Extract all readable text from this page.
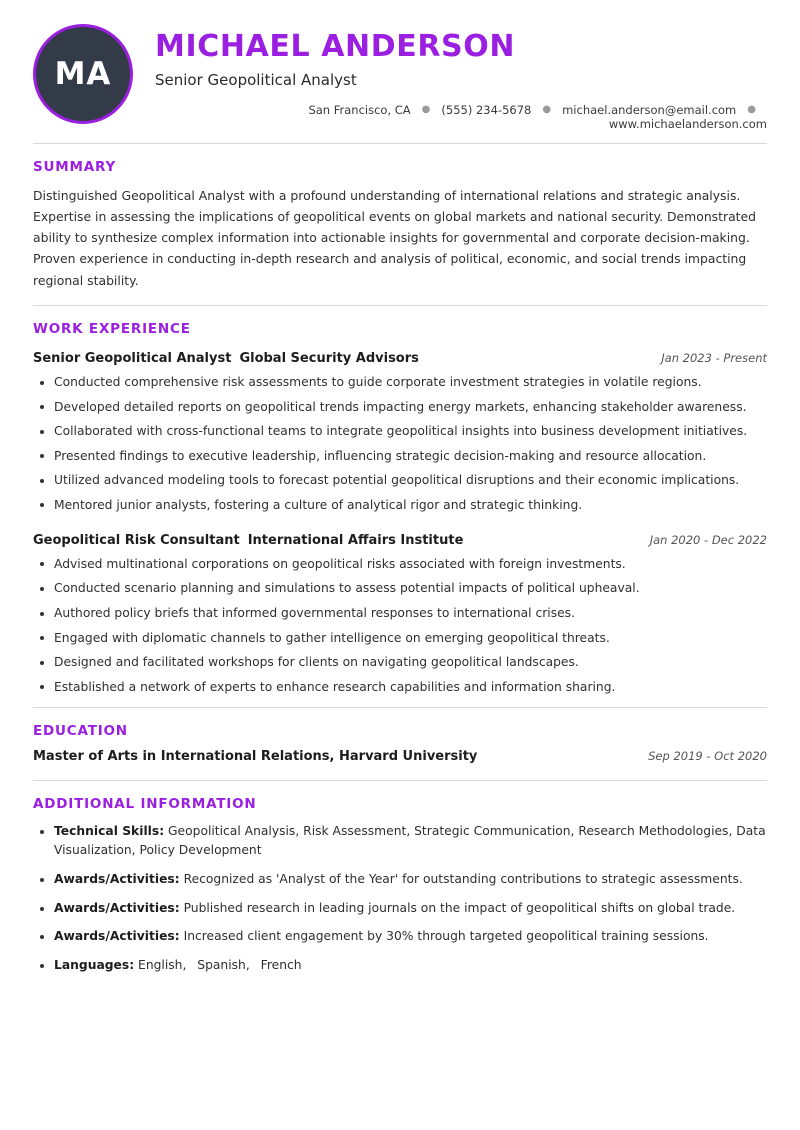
MA
MICHAEL ANDERSON
Senior Geopolitical Analyst
San Francisco, CA	● (555) 234-5678	● michael.anderson@email.com	●
www.michaelanderson.com
SUMMARY

Distinguished Geopolitical Analyst with a profound understanding of international relations and strategic analysis. Expertise in assessing the implications of geopolitical events on global markets and national security. Demonstrated ability to synthesize complex information into actionable insights for governmental and corporate decision-making. Proven experience in conducting in-depth research and analysis of political, economic, and social trends impacting regional stability.

WORK EXPERIENCE
Senior Geopolitical Analyst Global Security Advisors	Jan 2023 - Present
Conducted comprehensive risk assessments to guide corporate investment strategies in volatile regions.
Developed detailed reports on geopolitical trends impacting energy markets, enhancing stakeholder awareness.
Collaborated with cross-functional teams to integrate geopolitical insights into business development initiatives.
Presented findings to executive leadership, influencing strategic decision-making and resource allocation.
Utilized advanced modeling tools to forecast potential geopolitical disruptions and their economic implications.
Mentored junior analysts, fostering a culture of analytical rigor and strategic thinking.
Geopolitical Risk Consultant International Affairs Institute	Jan 2020 - Dec 2022
Advised multinational corporations on geopolitical risks associated with foreign investments.
Conducted scenario planning and simulations to assess potential impacts of political upheaval.
Authored policy briefs that informed governmental responses to international crises.
Engaged with diplomatic channels to gather intelligence on emerging geopolitical threats.
Designed and facilitated workshops for clients on navigating geopolitical landscapes.
Established a network of experts to enhance research capabilities and information sharing.
EDUCATION
Master of Arts in International Relations, Harvard University	Sep 2019 - Oct 2020
ADDITIONAL INFORMATION
Technical Skills: Geopolitical Analysis, Risk Assessment, Strategic Communication, Research Methodologies, Data Visualization, Policy Development
Awards/Activities: Recognized as 'Analyst of the Year' for outstanding contributions to strategic assessments.
Awards/Activities: Published research in leading journals on the impact of geopolitical shifts on global trade.
Awards/Activities: Increased client engagement by 30% through targeted geopolitical training sessions.
Languages: English, Spanish, French
